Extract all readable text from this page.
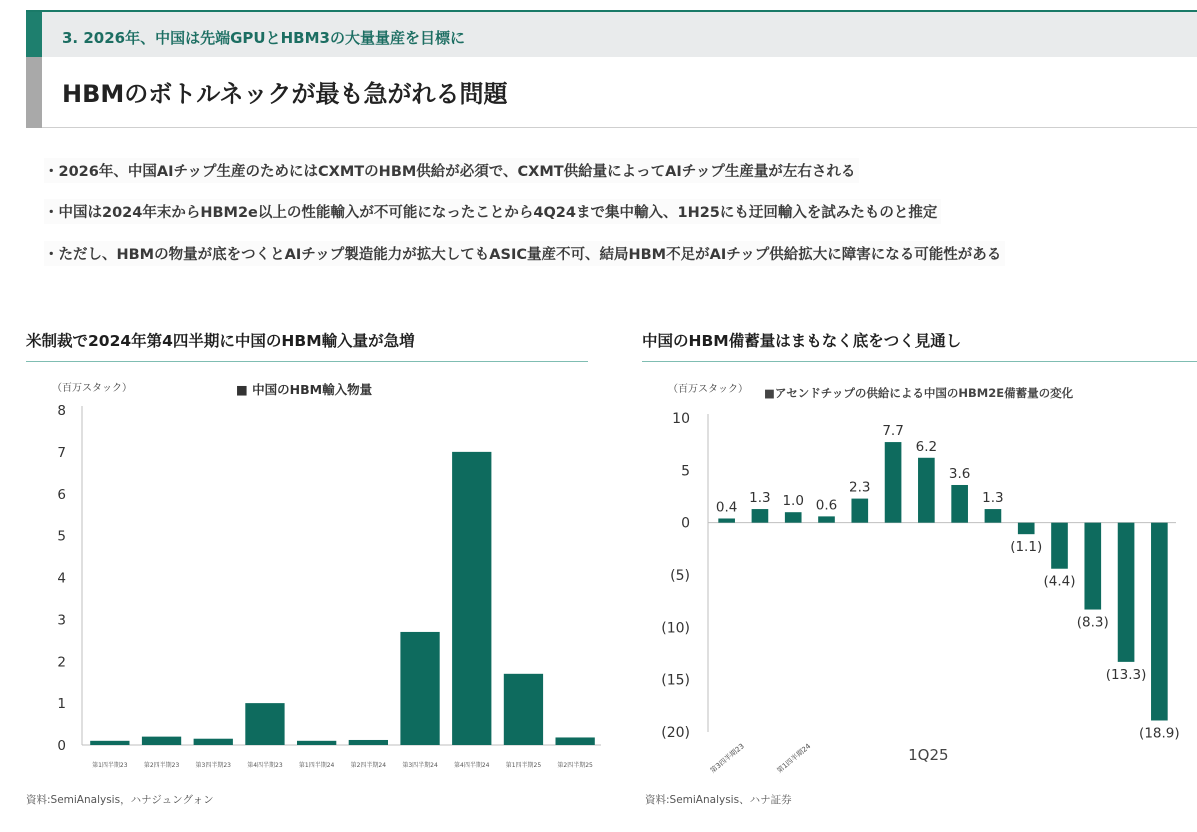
3. 2026年、中国は先端GPUとHBM3の大量量産を目標に
HBMのボトルネックが最も急がれる問題
・2026年、中国AIチップ生産のためにはCXMTのHBM供給が必須で、CXMT供給量によってAIチップ生産量が左右される
・中国は2024年末からHBM2e以上の性能輸入が不可能になったことから4Q24まで集中輸入、1H25にも迂回輸入を試みたものと推定
・ただし、HBMの物量が底をつくとAIチップ製造能力が拡大してもASIC量産不可、結局HBM不足がAIチップ供給拡大に障害になる可能性がある
米制裁で2024年第4四半期に中国のHBM輸入量が急増
（百万スタック）	■ 中国のHBM輸入物量
0
1
2
3
4
5
6
7
8
第1四半期23	第2四半期23	第3四半期23	第4四半期23	第1四半期24	第2四半期24	第3四半期24	第4四半期24	第1四半期25	第2四半期25
資料:SemiAnalysis，ハナジュングォン
中国のHBM備蓄量はまもなく底をつく見通し
（百万スタック） ■アセンドチップの供給による中国のHBM2E備蓄量の変化
10
5
0
(5)
(10)
(15)
(20)
0.4
第3四半期23
1.3 1.0
第1四半期24
0.6
2.3
7.7
6.2
1Q25
3.6
1.3
(1.1)
(4.4)
(8.3)
(13.3)
(18.9)
資料:SemiAnalysis、ハナ証券
